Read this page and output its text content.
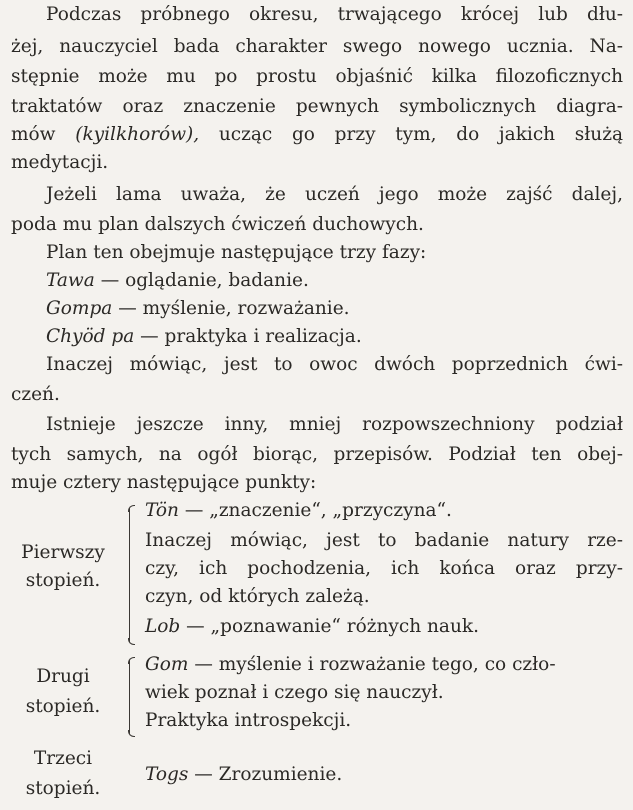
Podczas próbnego okresu, trwającego krócej lub dłu-
żej, nauczyciel bada charakter swego nowego ucznia. Na-
stępnie może mu po prostu objaśnić kilka filozoficznych
traktatów oraz znaczenie pewnych symbolicznych diagra-
mów (kyilkhorów), ucząc go przy tym, do jakich służą
medytacji.
Jeżeli lama uważa, że uczeń jego może zajść dalej,
poda mu plan dalszych ćwiczeń duchowych.
Plan ten obejmuje następujące trzy fazy:
Tawa — oglądanie, badanie.
Gompa — myślenie, rozważanie.
Chyöd pa — praktyka i realizacja.
Inaczej mówiąc, jest to owoc dwóch poprzednich ćwi-
czeń.
Istnieje jeszcze inny, mniej rozpowszechniony podział
tych samych, na ogół biorąc, przepisów. Podział ten obej-
muje cztery następujące punkty:
Pierwszy
stopień.
Tön — „znaczenie“, „przyczyna“.
Inaczej mówiąc, jest to badanie natury rze-
czy, ich pochodzenia, ich końca oraz przy-
czyn, od których zależą.
Lob — „poznawanie“ różnych nauk.
Drugi
stopień.
Gom — myślenie i rozważanie tego, co czło-
wiek poznał i czego się nauczył.
Praktyka introspekcji.
Trzeci
stopień.
Togs — Zrozumienie.
